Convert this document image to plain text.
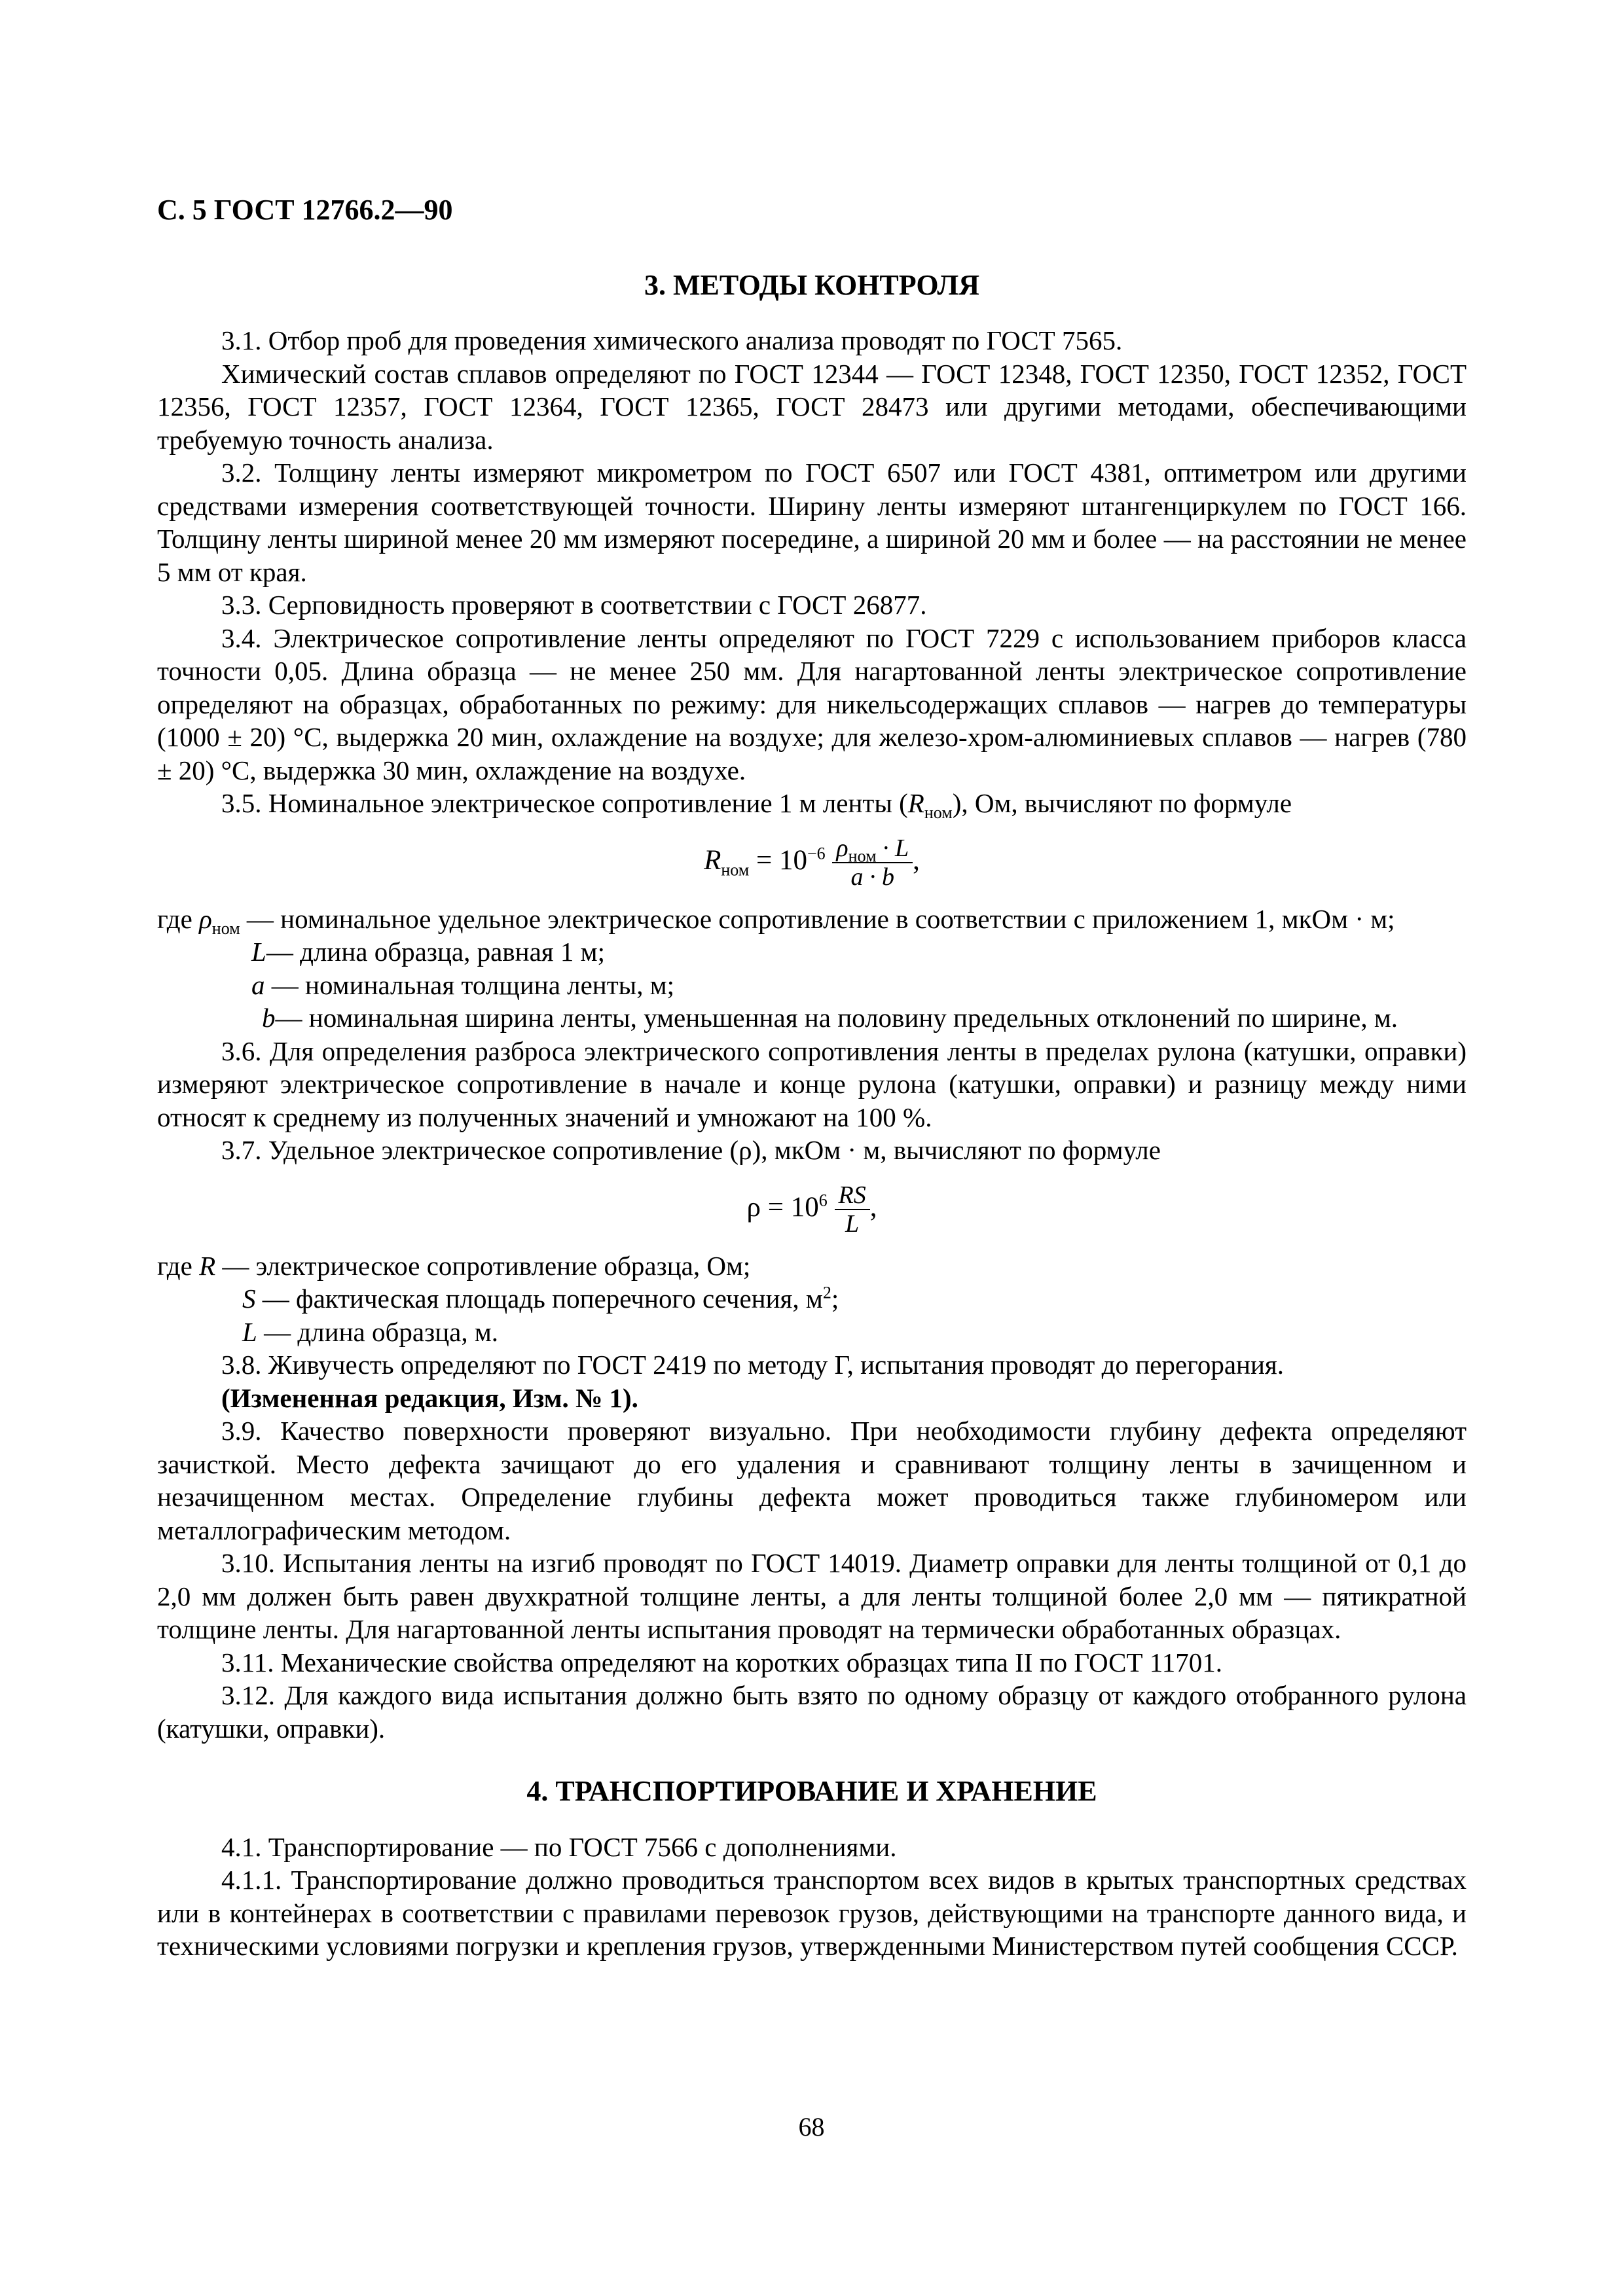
С. 5 ГОСТ 12766.2—90
3. МЕТОДЫ КОНТРОЛЯ

3.1. Отбор проб для проведения химического анализа проводят по ГОСТ 7565.

Химический состав сплавов определяют по ГОСТ 12344 — ГОСТ 12348, ГОСТ 12350, ГОСТ 12352, ГОСТ 12356, ГОСТ 12357, ГОСТ 12364, ГОСТ 12365, ГОСТ 28473 или другими методами, обеспечивающими требуемую точность анализа.

3.2. Толщину ленты измеряют микрометром по ГОСТ 6507 или ГОСТ 4381, оптиметром или другими средствами измерения соответствующей точности. Ширину ленты измеряют штангенциркулем по ГОСТ 166. Толщину ленты шириной менее 20 мм измеряют посередине, а шириной 20 мм и более — на расстоянии не менее 5 мм от края.

3.3. Серповидность проверяют в соответствии с ГОСТ 26877.

3.4. Электрическое сопротивление ленты определяют по ГОСТ 7229 с использованием приборов класса точности 0,05. Длина образца — не менее 250 мм. Для нагартованной ленты электрическое сопротивление определяют на образцах, обработанных по режиму: для никельсодержащих сплавов — нагрев до температуры (1000 ± 20) °С, выдержка 20 мин, охлаждение на воздухе; для железо-хром-алюминиевых сплавов — нагрев (780 ± 20) °С, выдержка 30 мин, охлаждение на воздухе.

3.5. Номинальное электрическое сопротивление 1 м ленты $(R_{ном})$, Ом, вычисляют по формуле

$R_{ном} = 10^{-6} \frac{\rho_{ном} \cdot L}{a \cdot b}$ ,
где $\rho_{ном}$ — номинальное удельное электрическое сопротивление в соответствии с приложением 1, мкОм · м;
L— длина образца, равная 1 м;
a — номинальная толщина ленты, м;
b— номинальная ширина ленты, уменьшенная на половину предельных отклонений по ширине, м.

3.6. Для определения разброса электрического сопротивления ленты в пределах рулона (катушки, оправки) измеряют электрическое сопротивление в начале и конце рулона (катушки, оправки) и разницу между ними относят к среднему из полученных значений и умножают на 100 %.

3.7. Удельное электрическое сопротивление (ρ), мкОм · м, вычисляют по формуле

$\rho = 10^6 \frac{RS}{L}$ ,
где R — электрическое сопротивление образца, Ом;
S — фактическая площадь поперечного сечения, $м^2$;
L — длина образца, м.

3.8. Живучесть определяют по ГОСТ 2419 по методу Г, испытания проводят до перегорания.

(Измененная редакция, Изм. № 1).

3.9. Качество поверхности проверяют визуально. При необходимости глубину дефекта определяют зачисткой. Место дефекта зачищают до его удаления и сравнивают толщину ленты в зачищенном и незачищенном местах. Определение глубины дефекта может проводиться также глубиномером или металлографическим методом.

3.10. Испытания ленты на изгиб проводят по ГОСТ 14019. Диаметр оправки для ленты толщиной от 0,1 до 2,0 мм должен быть равен двухкратной толщине ленты, а для ленты толщиной более 2,0 мм — пятикратной толщине ленты. Для нагартованной ленты испытания проводят на термически обработанных образцах.

3.11. Механические свойства определяют на коротких образцах типа II по ГОСТ 11701.

3.12. Для каждого вида испытания должно быть взято по одному образцу от каждого отобранного рулона (катушки, оправки).

4. ТРАНСПОРТИРОВАНИЕ И ХРАНЕНИЕ

4.1. Транспортирование — по ГОСТ 7566 с дополнениями.

4.1.1. Транспортирование должно проводиться транспортом всех видов в крытых транспортных средствах или в контейнерах в соответствии с правилами перевозок грузов, действующими на транспорте данного вида, и техническими условиями погрузки и крепления грузов, утвержденными Министерством путей сообщения СССР.

68
